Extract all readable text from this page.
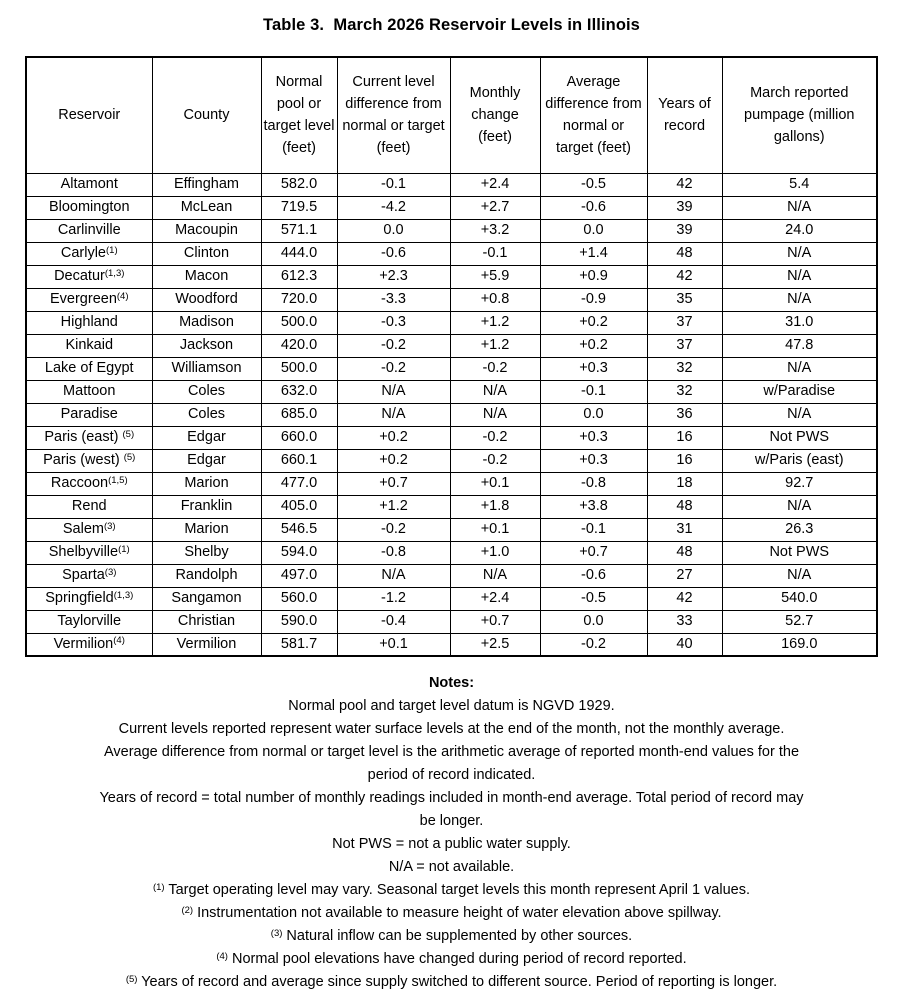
Table 3.  March 2026 Reservoir Levels in Illinois
Reservoir	County	Normal pool or target level (feet)	Current level difference from normal or target (feet)	Monthly change (feet)	Average difference from normal or target (feet)	Years of record	March reported pumpage (million gallons)
Altamont	Effingham	582.0	-0.1	+2.4	-0.5	42	5.4
Bloomington	McLean	719.5	-4.2	+2.7	-0.6	39	N/A
Carlinville	Macoupin	571.1	0.0	+3.2	0.0	39	24.0
Carlyle$^{(1)}$	Clinton	444.0	-0.6	-0.1	+1.4	48	N/A
Decatur$^{(1,3)}$	Macon	612.3	+2.3	+5.9	+0.9	42	N/A
Evergreen$^{(4)}$	Woodford	720.0	-3.3	+0.8	-0.9	35	N/A
Highland	Madison	500.0	-0.3	+1.2	+0.2	37	31.0
Kinkaid	Jackson	420.0	-0.2	+1.2	+0.2	37	47.8
Lake of Egypt	Williamson	500.0	-0.2	-0.2	+0.3	32	N/A
Mattoon	Coles	632.0	N/A	N/A	-0.1	32	w/Paradise
Paradise	Coles	685.0	N/A	N/A	0.0	36	N/A
Paris (east) $^{(5)}$	Edgar	660.0	+0.2	-0.2	+0.3	16	Not PWS
Paris (west) $^{(5)}$	Edgar	660.1	+0.2	-0.2	+0.3	16	w/Paris (east)
Raccoon$^{(1,5)}$	Marion	477.0	+0.7	+0.1	-0.8	18	92.7
Rend	Franklin	405.0	+1.2	+1.8	+3.8	48	N/A
Salem$^{(3)}$	Marion	546.5	-0.2	+0.1	-0.1	31	26.3
Shelbyville$^{(1)}$	Shelby	594.0	-0.8	+1.0	+0.7	48	Not PWS
Sparta$^{(3)}$	Randolph	497.0	N/A	N/A	-0.6	27	N/A
Springfield$^{(1,3)}$	Sangamon	560.0	-1.2	+2.4	-0.5	42	540.0
Taylorville	Christian	590.0	-0.4	+0.7	0.0	33	52.7
Vermilion$^{(4)}$	Vermilion	581.7	+0.1	+2.5	-0.2	40	169.0
Notes:
Normal pool and target level datum is NGVD 1929.
Current levels reported represent water surface levels at the end of the month, not the monthly average.
Average difference from normal or target level is the arithmetic average of reported month-end values for the
period of record indicated.
Years of record = total number of monthly readings included in month-end average. Total period of record may
be longer.
Not PWS = not a public water supply.
N/A = not available.
$^{(1)}$ Target operating level may vary. Seasonal target levels this month represent April 1 values.
$^{(2)}$ Instrumentation not available to measure height of water elevation above spillway.
$^{(3)}$ Natural inflow can be supplemented by other sources.
$^{(4)}$ Normal pool elevations have changed during period of record reported.
$^{(5)}$ Years of record and average since supply switched to different source. Period of reporting is longer.
